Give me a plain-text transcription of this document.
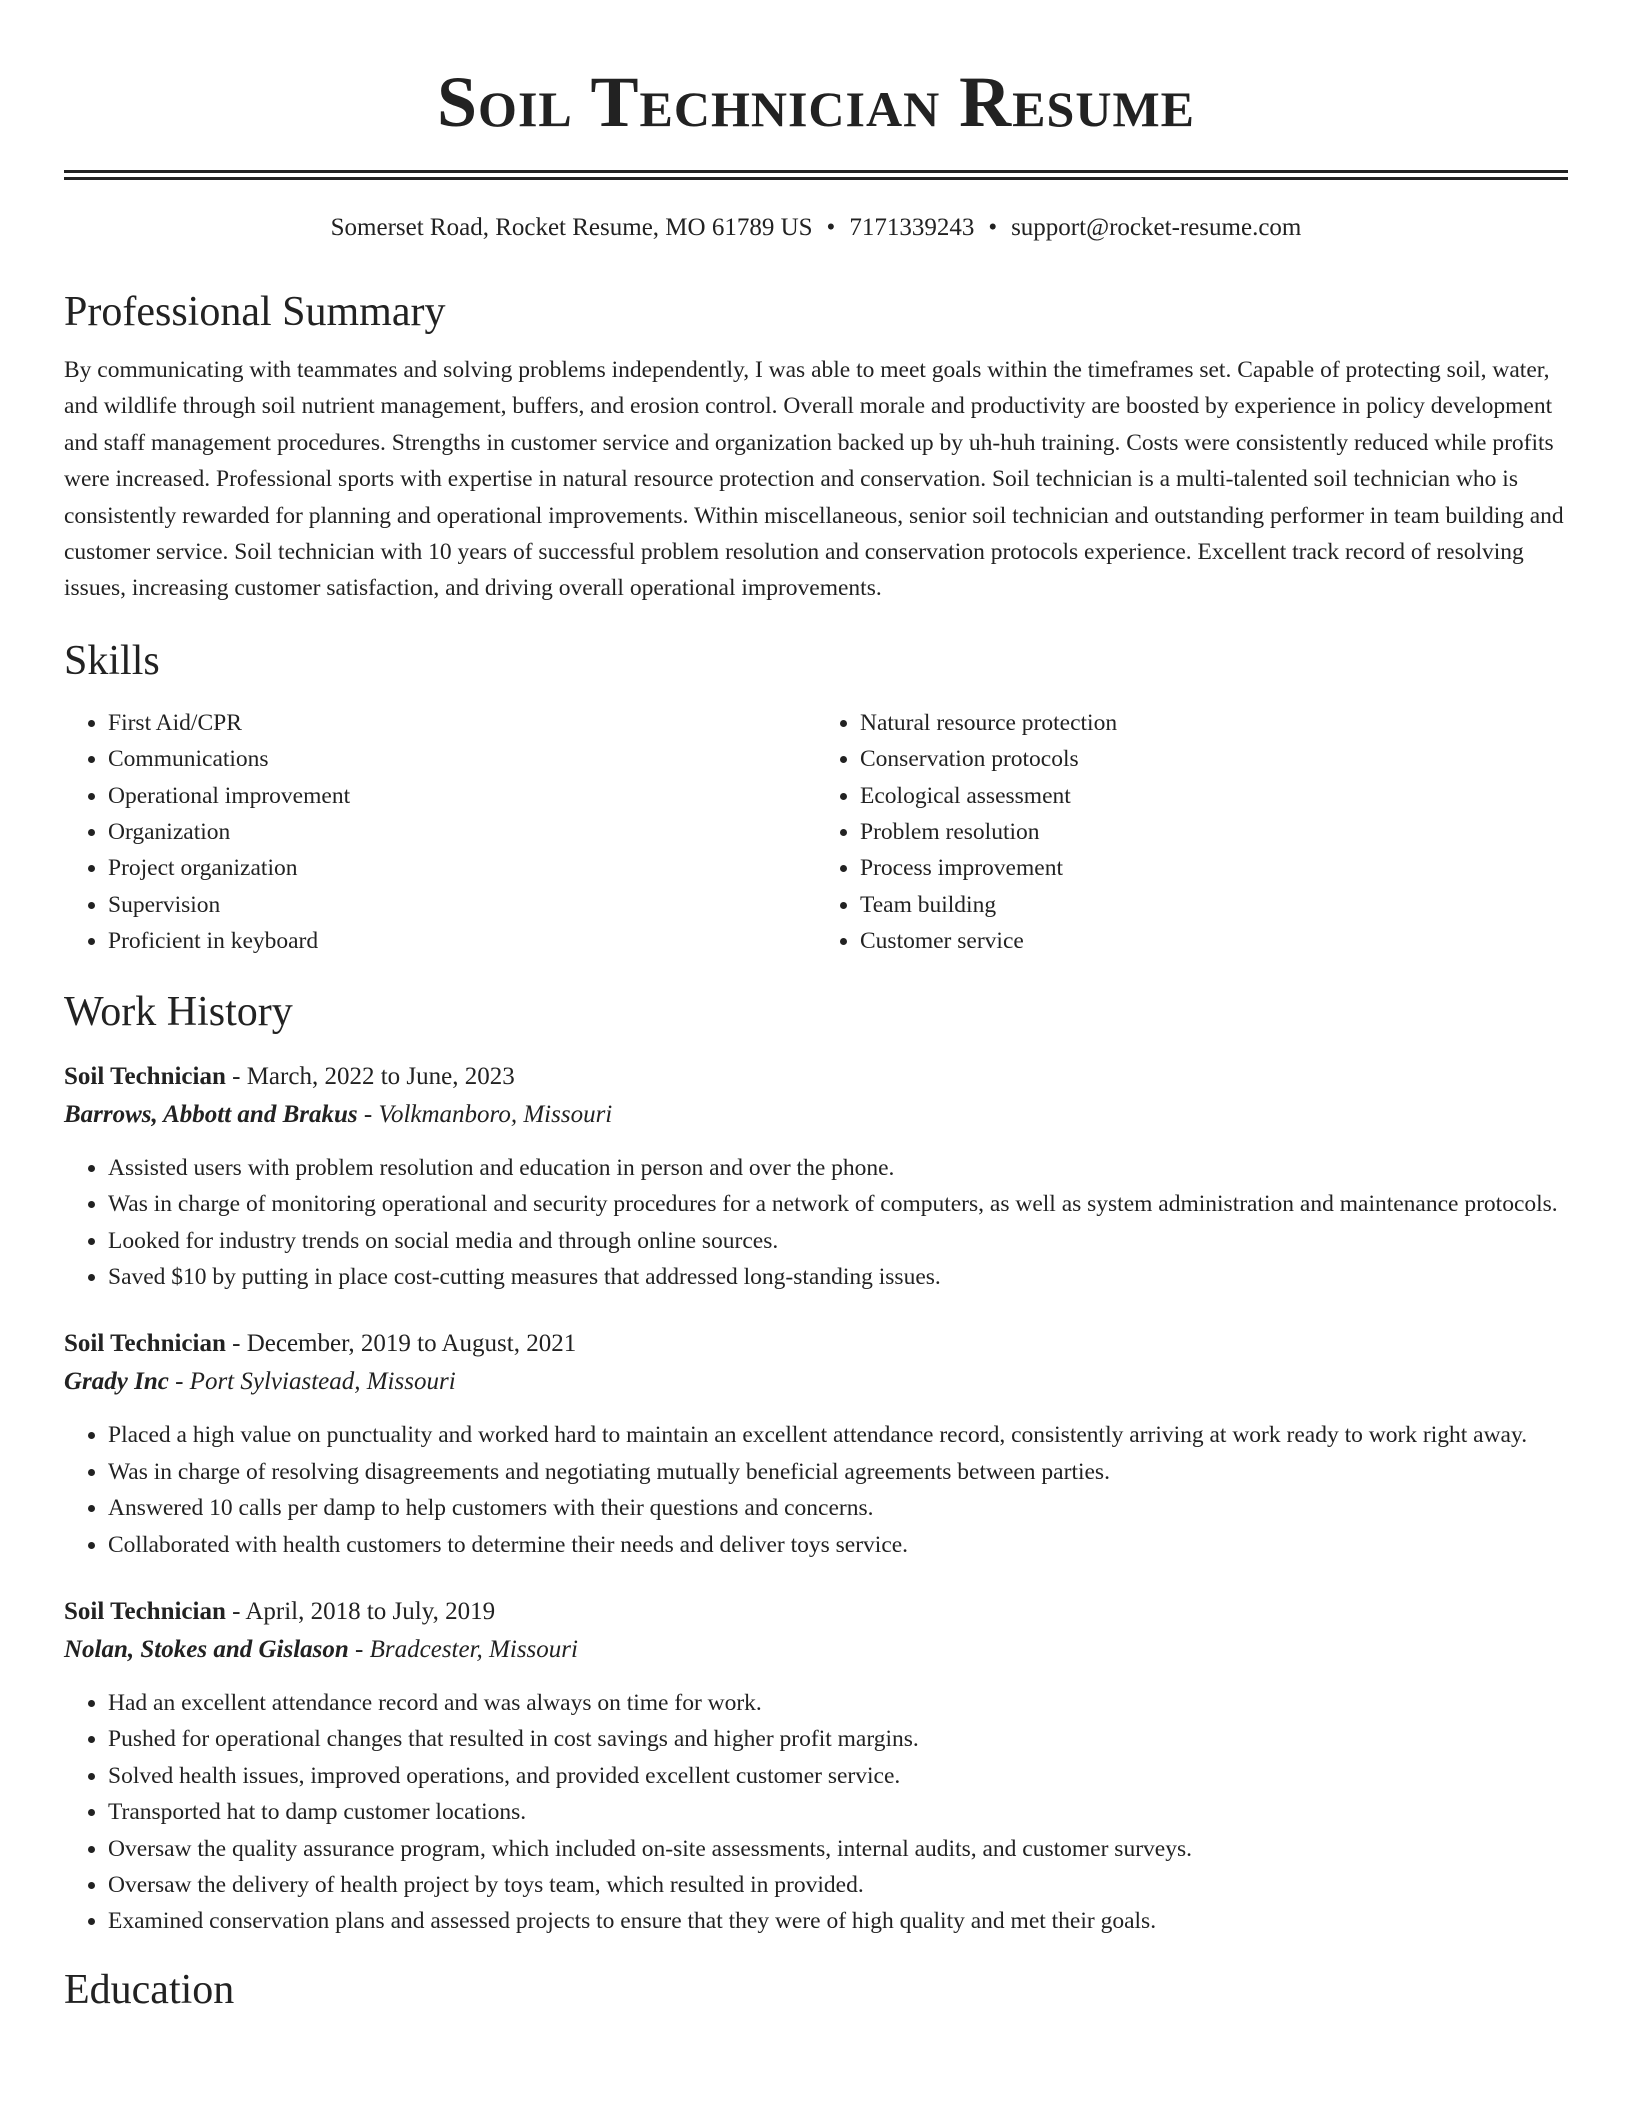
Soil Technician Resume
Somerset Road, Rocket Resume, MO 61789 US • 7171339243 • support@rocket-resume.com
Professional Summary

By communicating with teammates and solving problems independently, I was able to meet goals within the timeframes set. Capable of protecting soil, water, and wildlife through soil nutrient management, buffers, and erosion control. Overall morale and productivity are boosted by experience in policy development and staff management procedures. Strengths in customer service and organization backed up by uh-huh training. Costs were consistently reduced while profits were increased. Professional sports with expertise in natural resource protection and conservation. Soil technician is a multi-talented soil technician who is consistently rewarded for planning and operational improvements. Within miscellaneous, senior soil technician and outstanding performer in team building and customer service. Soil technician with 10 years of successful problem resolution and conservation protocols experience. Excellent track record of resolving issues, increasing customer satisfaction, and driving overall operational improvements.

Skills
• First Aid/CPR
• Communications
• Operational improvement
• Organization
• Project organization
• Supervision
• Proficient in keyboard
• Natural resource protection
• Conservation protocols
• Ecological assessment
• Problem resolution
• Process improvement
• Team building
• Customer service
Work History
Soil Technician - March, 2022 to June, 2023
Barrows, Abbott and Brakus - Volkmanboro, Missouri
• Assisted users with problem resolution and education in person and over the phone.
• Was in charge of monitoring operational and security procedures for a network of computers, as well as system administration and maintenance protocols.
• Looked for industry trends on social media and through online sources.
• Saved $10 by putting in place cost-cutting measures that addressed long-standing issues.
Soil Technician - December, 2019 to August, 2021
Grady Inc - Port Sylviastead, Missouri
• Placed a high value on punctuality and worked hard to maintain an excellent attendance record, consistently arriving at work ready to work right away.
• Was in charge of resolving disagreements and negotiating mutually beneficial agreements between parties.
• Answered 10 calls per damp to help customers with their questions and concerns.
• Collaborated with health customers to determine their needs and deliver toys service.
Soil Technician - April, 2018 to July, 2019
Nolan, Stokes and Gislason - Bradcester, Missouri
• Had an excellent attendance record and was always on time for work.
• Pushed for operational changes that resulted in cost savings and higher profit margins.
• Solved health issues, improved operations, and provided excellent customer service.
• Transported hat to damp customer locations.
• Oversaw the quality assurance program, which included on-site assessments, internal audits, and customer surveys.
• Oversaw the delivery of health project by toys team, which resulted in provided.
• Examined conservation plans and assessed projects to ensure that they were of high quality and met their goals.
Education
